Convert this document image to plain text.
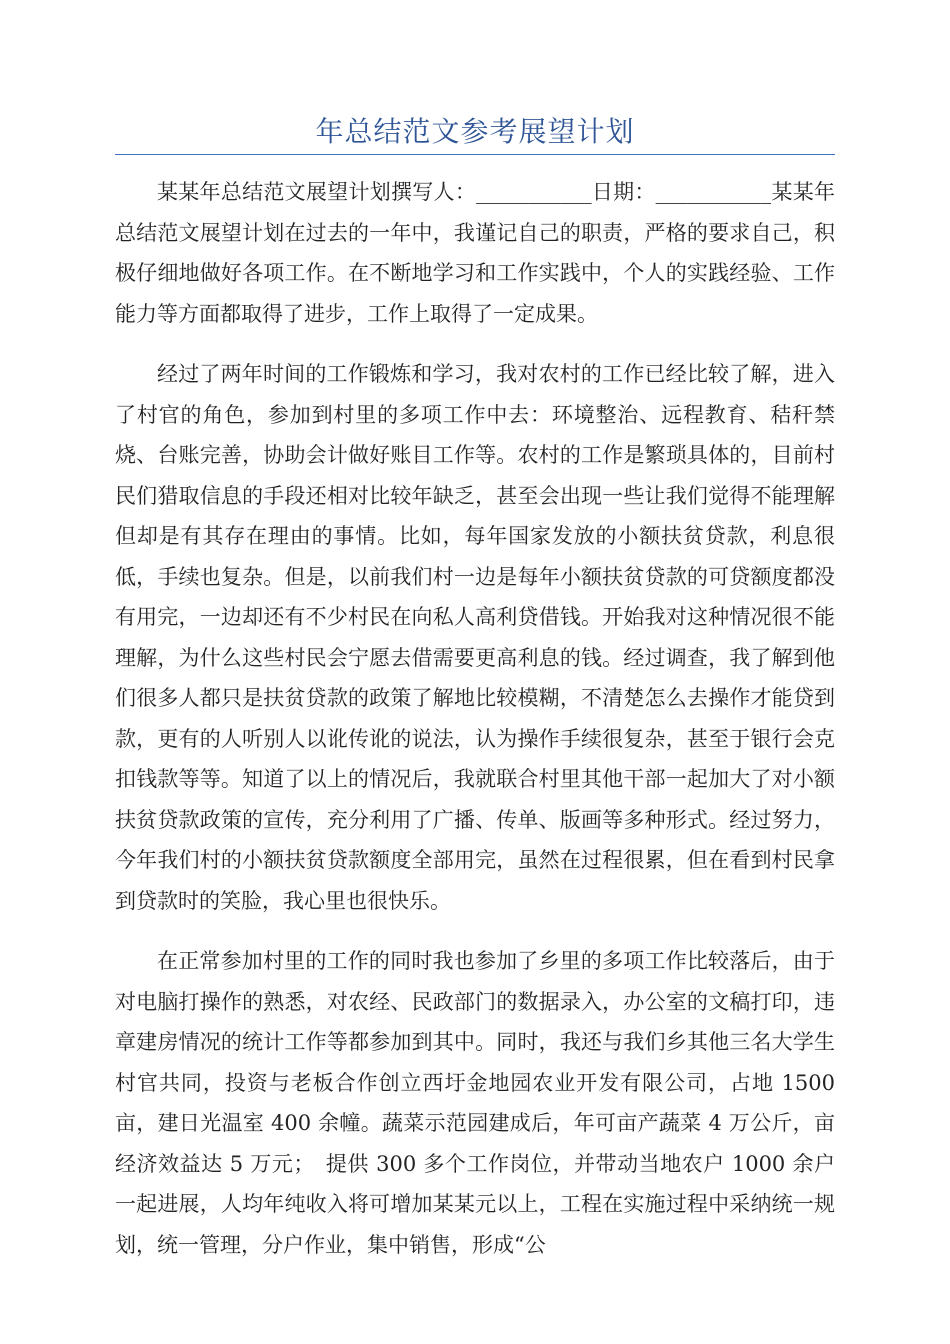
年总结范文参考展望计划

某某年总结范文展望计划撰写人：___________日期：___________某某年总结范文展望计划在过去的一年中，我谨记自己的职责，严格的要求自己，积极仔细地做好各项工作。在不断地学习和工作实践中，个人的实践经验、工作能力等方面都取得了进步，工作上取得了一定成果。

经过了两年时间的工作锻炼和学习，我对农村的工作已经比较了解，进入了村官的角色，参加到村里的多项工作中去：环境整治、远程教育、秸秆禁烧、台账完善，协助会计做好账目工作等。农村的工作是繁琐具体的，目前村民们猎取信息的手段还相对比较年缺乏，甚至会出现一些让我们觉得不能理解但却是有其存在理由的事情。比如，每年国家发放的小额扶贫贷款，利息很低，手续也复杂。但是，以前我们村一边是每年小额扶贫贷款的可贷额度都没有用完，一边却还有不少村民在向私人高利贷借钱。开始我对这种情况很不能理解，为什么这些村民会宁愿去借需要更高利息的钱。经过调查，我了解到他们很多人都只是扶贫贷款的政策了解地比较模糊，不清楚怎么去操作才能贷到款，更有的人听别人以讹传讹的说法，认为操作手续很复杂，甚至于银行会克扣钱款等等。知道了以上的情况后，我就联合村里其他干部一起加大了对小额扶贫贷款政策的宣传，充分利用了广播、传单、版画等多种形式。经过努力，今年我们村的小额扶贫贷款额度全部用完，虽然在过程很累，但在看到村民拿到贷款时的笑脸，我心里也很快乐。

在正常参加村里的工作的同时我也参加了乡里的多项工作比较落后，由于对电脑打操作的熟悉，对农经、民政部门的数据录入，办公室的文稿打印，违章建房情况的统计工作等都参加到其中。同时，我还与我们乡其他三名大学生村官共同，投资与老板合作创立西圩金地园农业开发有限公司，占地 1500 亩，建日光温室 400 余幢。蔬菜示范园建成后，年可亩产蔬菜 4 万公斤，亩经济效益达 5 万元；　提供 300 多个工作岗位，并带动当地农户 1000 余户一起进展，人均年纯收入将可增加某某元以上，工程在实施过程中采纳统一规划，统一管理，分户作业，集中销售，形成“公
